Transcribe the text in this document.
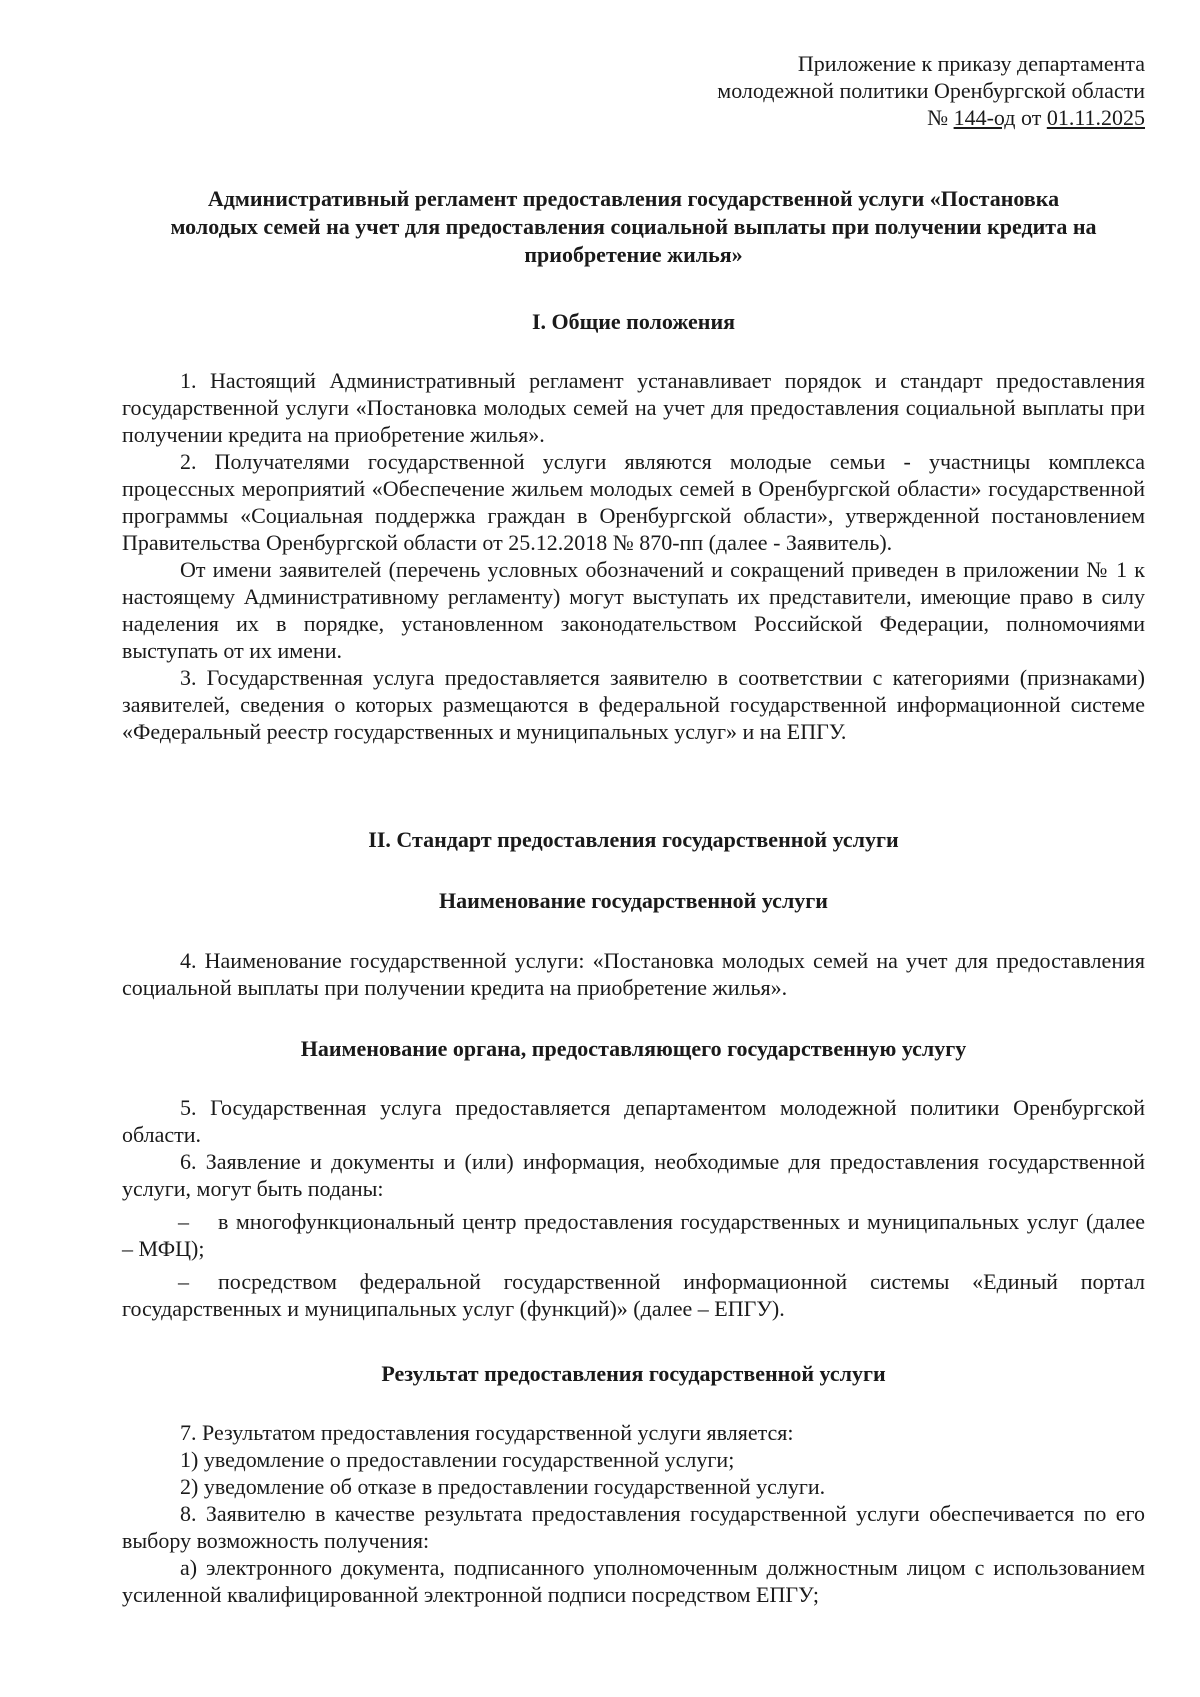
Приложение к приказу департамента
молодежной политики Оренбургской области
№ 144-од от 01.11.2025
Административный регламент предоставления государственной услуги «Постановка
молодых семей на учет для предоставления социальной выплаты при получении кредита на
приобретение жилья»
I. Общие положения

1. Настоящий Административный регламент устанавливает порядок и стандарт предоставления государственной услуги «Постановка молодых семей на учет для предоставления социальной выплаты при получении кредита на приобретение жилья».

2. Получателями государственной услуги являются молодые семьи - участницы комплекса процессных мероприятий «Обеспечение жильем молодых семей в Оренбургской области» государственной программы «Социальная поддержка граждан в Оренбургской области», утвержденной постановлением Правительства Оренбургской области от 25.12.2018 № 870-пп (далее - Заявитель).

От имени заявителей (перечень условных обозначений и сокращений приведен в приложении № 1 к настоящему Административному регламенту) могут выступать их представители, имеющие право в силу наделения их в порядке, установленном законодательством Российской Федерации, полномочиями выступать от их имени.

3. Государственная услуга предоставляется заявителю в соответствии с категориями (признаками) заявителей, сведения о которых размещаются в федеральной государственной информационной системе «Федеральный реестр государственных и муниципальных услуг» и на ЕПГУ.

II. Стандарт предоставления государственной услуги
Наименование государственной услуги

4. Наименование государственной услуги: «Постановка молодых семей на учет для предоставления социальной выплаты при получении кредита на приобретение жилья».

Наименование органа, предоставляющего государственную услугу

5. Государственная услуга предоставляется департаментом молодежной политики Оренбургской области.

6. Заявление и документы и (или) информация, необходимые для предоставления государственной услуги, могут быть поданы:

– в многофункциональный центр предоставления государственных и муниципальных услуг (далее – МФЦ);

– посредством федеральной государственной информационной системы «Единый портал государственных и муниципальных услуг (функций)» (далее – ЕПГУ).

Результат предоставления государственной услуги

7. Результатом предоставления государственной услуги является:

1) уведомление о предоставлении государственной услуги;

2) уведомление об отказе в предоставлении государственной услуги.

8. Заявителю в качестве результата предоставления государственной услуги обеспечивается по его выбору возможность получения:

а) электронного документа, подписанного уполномоченным должностным лицом с использованием усиленной квалифицированной электронной подписи посредством ЕПГУ;
